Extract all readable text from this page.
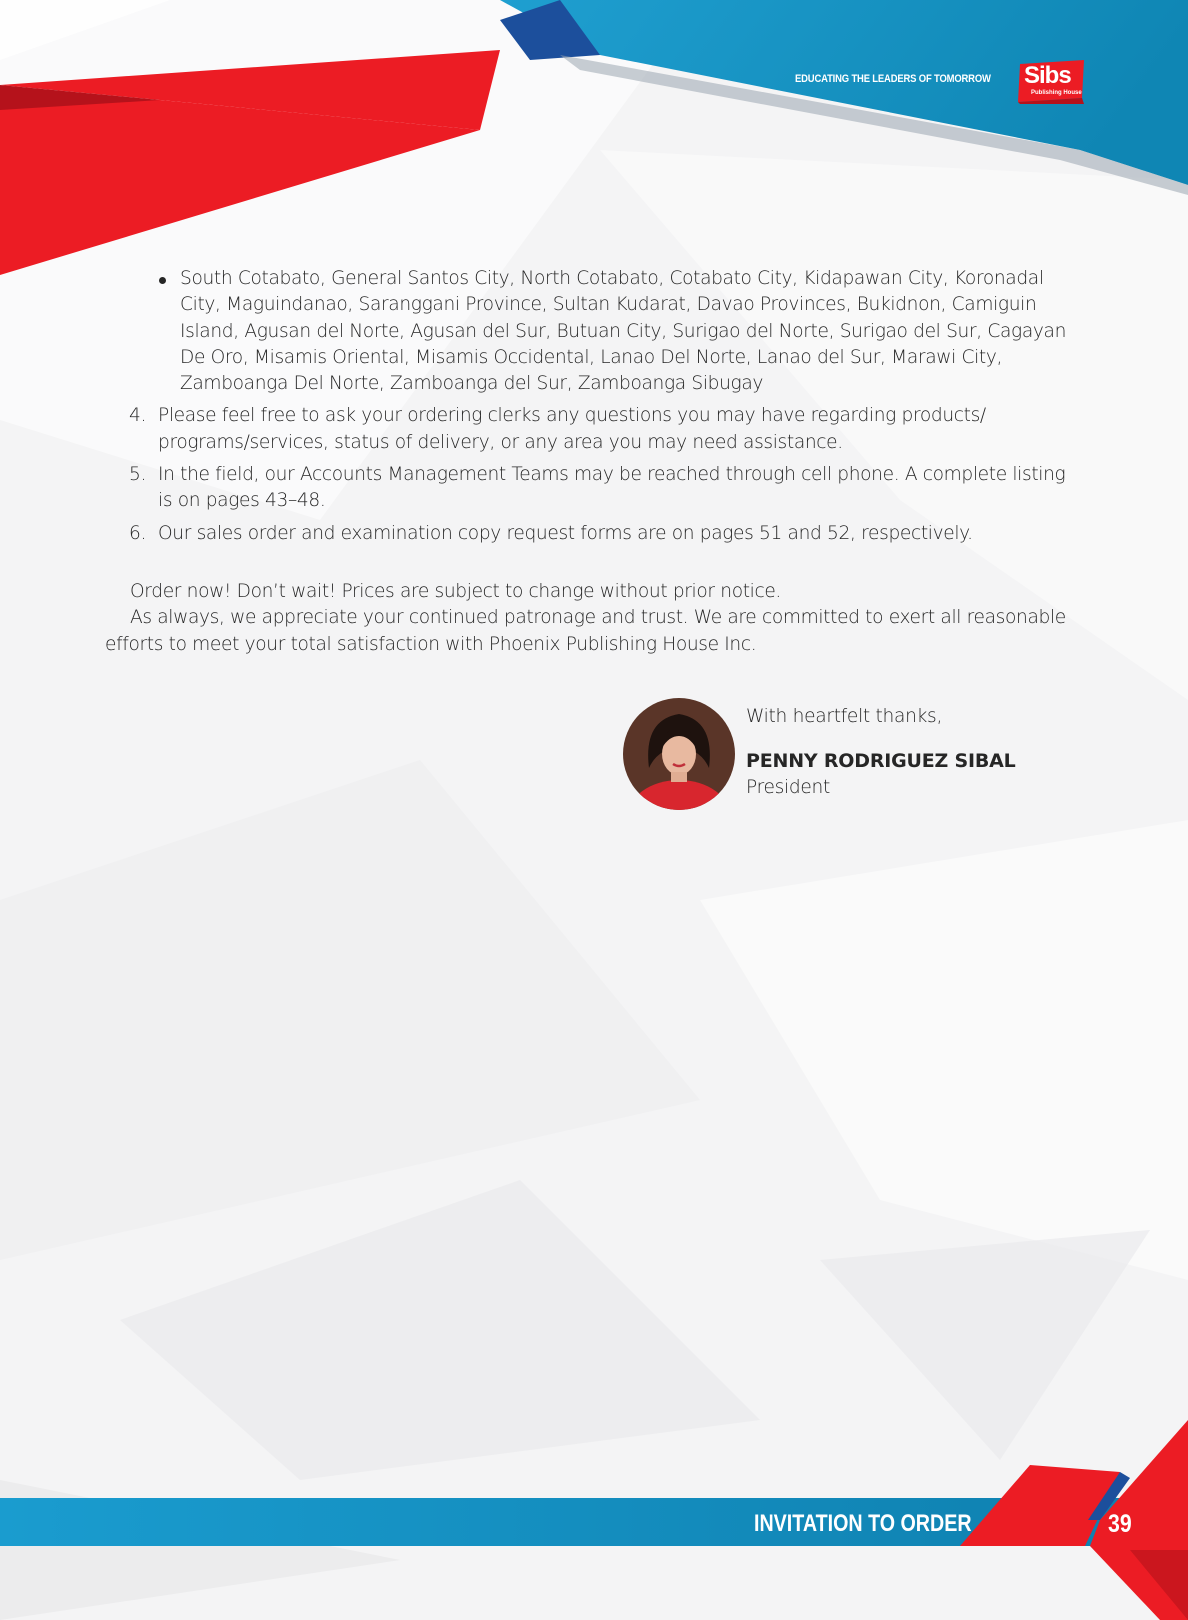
EDUCATING THE LEADERS OF TOMORROW Sibs
Publishing House
South Cotabato, General Santos City, North Cotabato, Cotabato City, Kidapawan City, Koronadal City, Maguindanao, Saranggani Province, Sultan Kudarat, Davao Provinces, Bukidnon, Camiguin Island, Agusan del Norte, Agusan del Sur, Butuan City, Surigao del Norte, Surigao del Sur, Cagayan De Oro, Misamis Oriental, Misamis Occidental, Lanao Del Norte, Lanao del Sur, Marawi City, Zamboanga Del Norte, Zamboanga del Sur, Zamboanga Sibugay
4. Please feel free to ask your ordering clerks any questions you may have regarding products/ programs/services, status of delivery, or any area you may need assistance.
5. In the field, our Accounts Management Teams may be reached through cell phone. A complete listing is on pages 43–48.
6. Our sales order and examination copy request forms are on pages 51 and 52, respectively.
Order now! Don’t wait! Prices are subject to change without prior notice.
As always, we appreciate your continued patronage and trust. We are committed to exert all reasonable efforts to meet your total satisfaction with Phoenix Publishing House Inc.
With heartfelt thanks,
PENNY RODRIGUEZ SIBAL
President
INVITATION TO ORDER	39
